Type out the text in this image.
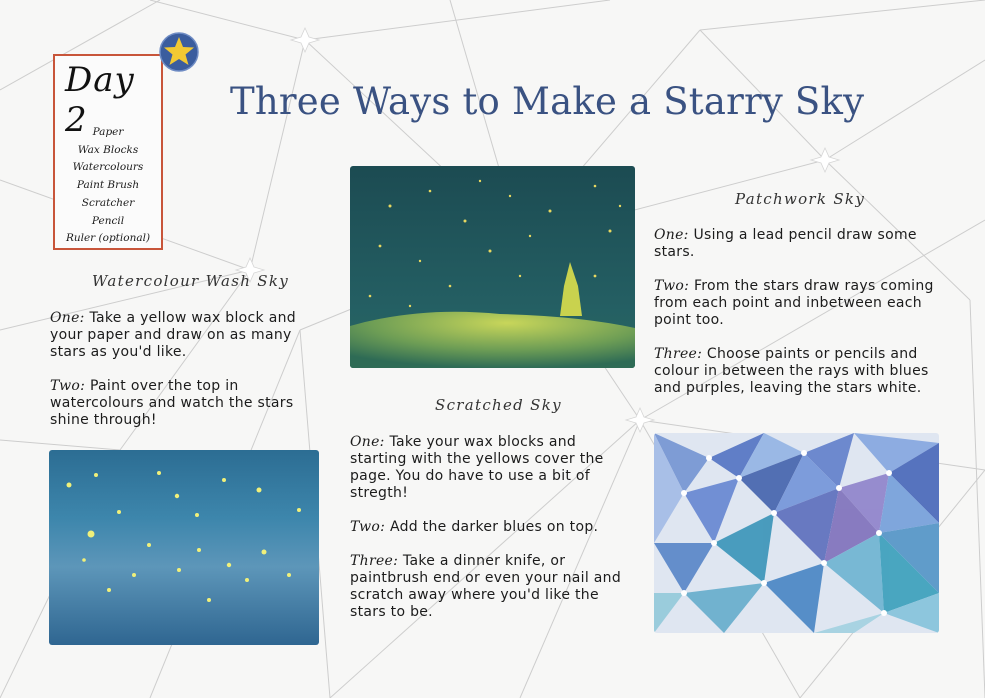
Three Ways to Make a Starry Sky
Day 2 Paper
Wax Blocks
Watercolours
Paint Brush
Scratcher
Pencil
Ruler (optional)
Watercolour Wash Sky

One: Take a yellow wax block and your paper and draw on as many stars as you'd like.

Two: Paint over the top in watercolours and watch the stars shine through!

Scratched Sky

One: Take your wax blocks and starting with the yellows cover the page. You do have to use a bit of stregth!

Two: Add the darker blues on top.

Three: Take a dinner knife, or paintbrush end or even your nail and scratch away where you'd like the stars to be.

Patchwork Sky

One: Using a lead pencil draw some stars.

Two: From the stars draw rays coming from each point and inbetween each point too.

Three: Choose paints or pencils and colour in between the rays with blues and purples, leaving the stars white.
